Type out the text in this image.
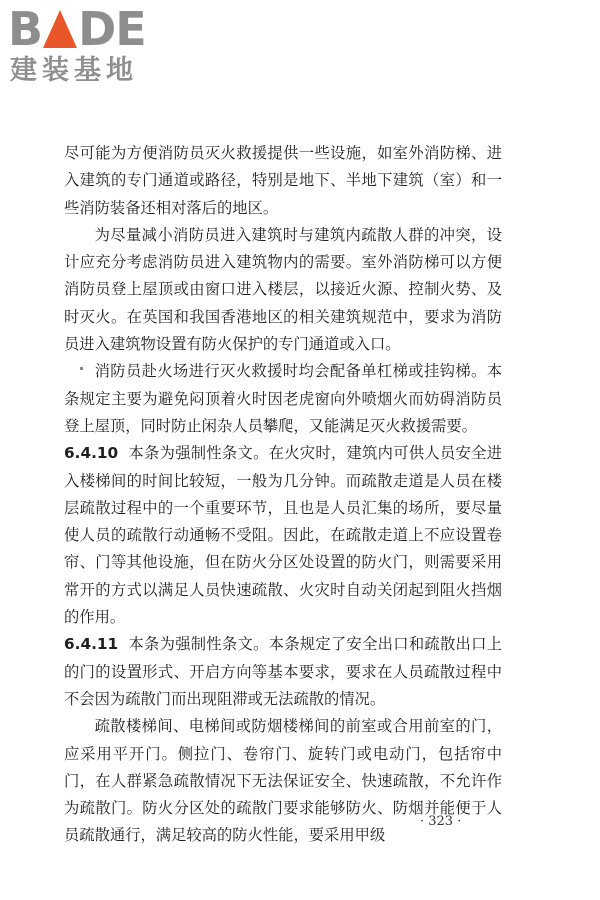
B DE
建装基地

尽可能为方便消防员灭火救援提供一些设施，如室外消防梯、进入建筑的专门通道或路径，特别是地下、半地下建筑（室）和一些消防装备还相对落后的地区。

为尽量减小消防员进入建筑时与建筑内疏散人群的冲突，设计应充分考虑消防员进入建筑物内的需要。室外消防梯可以方便消防员登上屋顶或由窗口进入楼层，以接近火源、控制火势、及时灭火。在英国和我国香港地区的相关建筑规范中，要求为消防员进入建筑物设置有防火保护的专门通道或入口。

消防员赴火场进行灭火救援时均会配备单杠梯或挂钩梯。本条规定主要为避免闷顶着火时因老虎窗向外喷烟火而妨碍消防员登上屋顶，同时防止闲杂人员攀爬，又能满足灭火救援需要。

6.4.10 本条为强制性条文。在火灾时，建筑内可供人员安全进入楼梯间的时间比较短，一般为几分钟。而疏散走道是人员在楼层疏散过程中的一个重要环节，且也是人员汇集的场所，要尽量使人员的疏散行动通畅不受阻。因此，在疏散走道上不应设置卷帘、门等其他设施，但在防火分区处设置的防火门，则需要采用常开的方式以满足人员快速疏散、火灾时自动关闭起到阻火挡烟的作用。

6.4.11 本条为强制性条文。本条规定了安全出口和疏散出口上的门的设置形式、开启方向等基本要求，要求在人员疏散过程中不会因为疏散门而出现阻滞或无法疏散的情况。

疏散楼梯间、电梯间或防烟楼梯间的前室或合用前室的门，应采用平开门。侧拉门、卷帘门、旋转门或电动门，包括帘中门，在人群紧急疏散情况下无法保证安全、快速疏散，不允许作为疏散门。防火分区处的疏散门要求能够防火、防烟并能便于人员疏散通行，满足较高的防火性能，要采用甲级

· 323 ·
